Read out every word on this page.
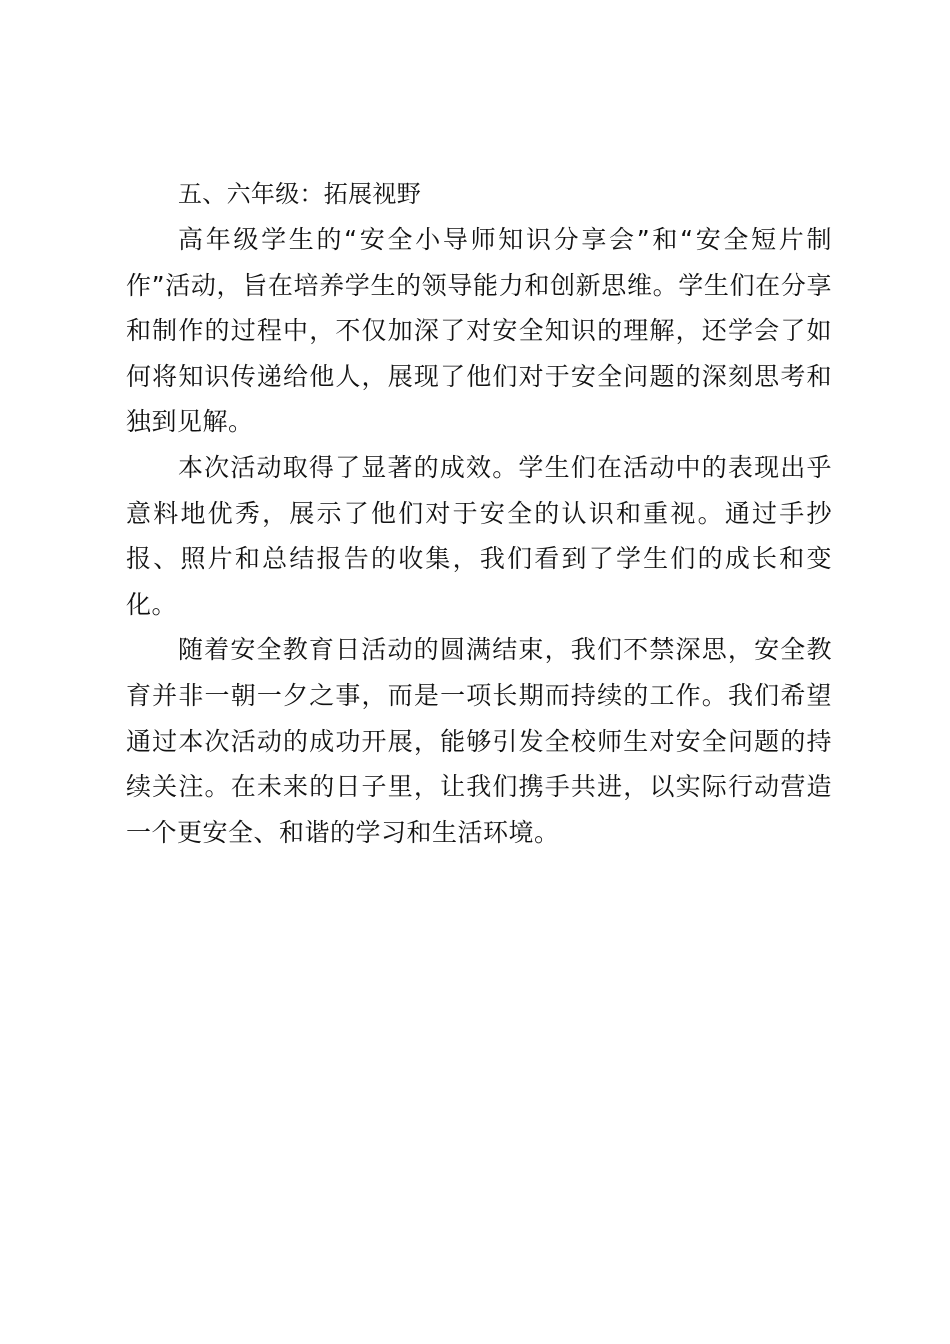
五、六年级：拓展视野

高年级学生的“安全小导师知识分享会”和“安全短片制作”活动，旨在培养学生的领导能力和创新思维。学生们在分享和制作的过程中，不仅加深了对安全知识的理解，还学会了如何将知识传递给他人，展现了他们对于安全问题的深刻思考和独到见解。

本次活动取得了显著的成效。学生们在活动中的表现出乎意料地优秀，展示了他们对于安全的认识和重视。通过手抄报、照片和总结报告的收集，我们看到了学生们的成长和变化。

随着安全教育日活动的圆满结束，我们不禁深思，安全教育并非一朝一夕之事，而是一项长期而持续的工作。我们希望通过本次活动的成功开展，能够引发全校师生对安全问题的持续关注。在未来的日子里，让我们携手共进，以实际行动营造一个更安全、和谐的学习和生活环境。
